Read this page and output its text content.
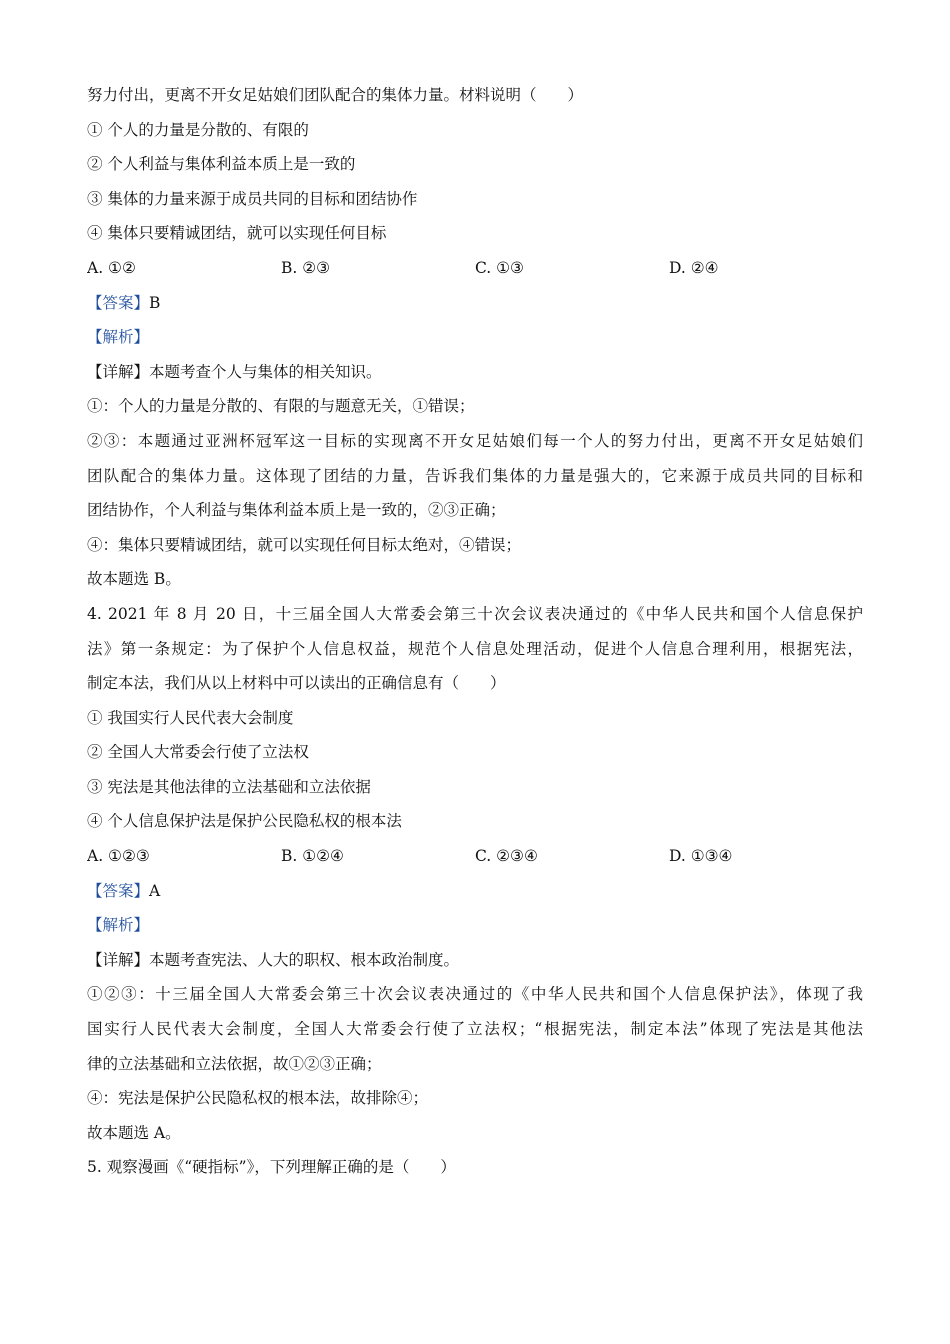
努力付出，更离不开女足姑娘们团队配合的集体力量。材料说明（　　）
① 个人的力量是分散的、有限的
② 个人利益与集体利益本质上是一致的
③ 集体的力量来源于成员共同的目标和团结协作
④ 集体只要精诚团结，就可以实现任何目标
A. ①②	B. ②③	C. ①③	D. ②④
【答案】B
【解析】
【详解】本题考查个人与集体的相关知识。
①：个人的力量是分散的、有限的与题意无关，①错误；
②③：本题通过亚洲杯冠军这一目标的实现离不开女足姑娘们每一个人的努力付出，更离不开女足姑娘们
团队配合的集体力量。这体现了团结的力量，告诉我们集体的力量是强大的，它来源于成员共同的目标和
团结协作，个人利益与集体利益本质上是一致的，②③正确；
④：集体只要精诚团结，就可以实现任何目标太绝对，④错误；
故本题选 B。
4. 2021 年 8 月 20 日，十三届全国人大常委会第三十次会议表决通过的《中华人民共和国个人信息保护
法》第一条规定：为了保护个人信息权益，规范个人信息处理活动，促进个人信息合理利用，根据宪法，
制定本法，我们从以上材料中可以读出的正确信息有（　　）
① 我国实行人民代表大会制度
② 全国人大常委会行使了立法权
③ 宪法是其他法律的立法基础和立法依据
④ 个人信息保护法是保护公民隐私权的根本法
A. ①②③	B. ①②④	C. ②③④	D. ①③④
【答案】A
【解析】
【详解】本题考查宪法、人大的职权、根本政治制度。
①②③：十三届全国人大常委会第三十次会议表决通过的《中华人民共和国个人信息保护法》，体现了我
国实行人民代表大会制度，全国人大常委会行使了立法权；“根据宪法，制定本法”体现了宪法是其他法
律的立法基础和立法依据，故①②③正确；
④：宪法是保护公民隐私权的根本法，故排除④；
故本题选 A。
5. 观察漫画《“硬指标”》，下列理解正确的是（　　）
